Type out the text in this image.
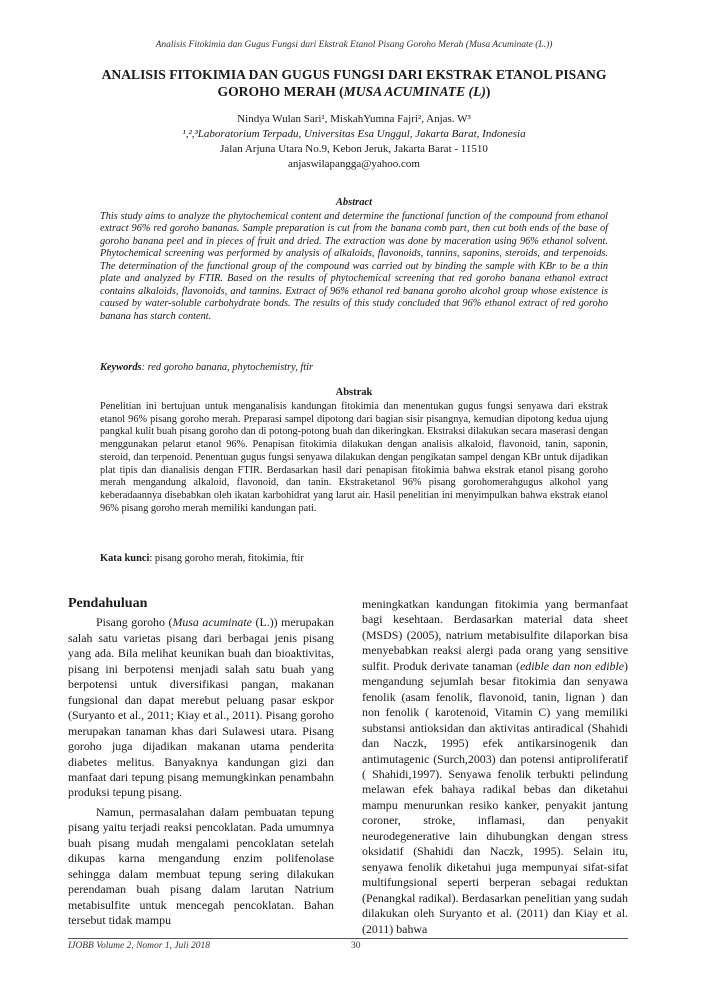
Analisis Fitokimia dan Gugus Fungsi dari Ekstrak Etanol Pisang Goroho Merah (Musa Acuminate (L.))
ANALISIS FITOKIMIA DAN GUGUS FUNGSI DARI EKSTRAK ETANOL PISANG
GOROHO MERAH (MUSA ACUMINATE (L))
Nindya Wulan Sari¹, MiskahYumna Fajri², Anjas. W³
¹,²,³Laboratorium Terpadu, Universitas Esa Unggul, Jakarta Barat, Indonesia
Jalan Arjuna Utara No.9, Kebon Jeruk, Jakarta Barat - 11510
anjaswilapangga@yahoo.com
Abstract
This study aims to analyze the phytochemical content and determine the functional function of the compound from ethanol extract 96% red goroho bananas. Sample preparation is cut from the banana comb part, then cut both ends of the base of goroho banana peel and in pieces of fruit and dried. The extraction was done by maceration using 96% ethanol solvent. Phytochemical screening was performed by analysis of alkaloids, flavonoids, tannins, saponins, steroids, and terpenoids. The determination of the functional group of the compound was carried out by binding the sample with KBr to be a thin plate and analyzed by FTIR. Based on the results of phytochemical screening that red goroho banana ethanol extract contains alkaloids, flavonoids, and tannins. Extract of 96% ethanol red banana goroho alcohol group whose existence is caused by water-soluble carbohydrate bonds. The results of this study concluded that 96% ethanol extract of red goroho banana has starch content.
Keywords: red goroho banana, phytochemistry, ftir
Abstrak
Penelitian ini bertujuan untuk menganalisis kandungan fitokimia dan menentukan gugus fungsi senyawa dari ekstrak etanol 96% pisang goroho merah. Preparasi sampel dipotong dari bagian sisir pisangnya, kemudian dipotong kedua ujung pangkal kulit buah pisang goroho dan di potong-potong buah dan dikeringkan. Ekstraksi dilakukan secara maserasi dengan menggunakan pelarut etanol 96%. Penapisan fitokimia dilakukan dengan analisis alkaloid, flavonoid, tanin, saponin, steroid, dan terpenoid. Penentuan gugus fungsi senyawa dilakukan dengan pengikatan sampel dengan KBr untuk dijadikan plat tipis dan dianalisis dengan FTIR. Berdasarkan hasil dari penapisan fitokimia bahwa ekstrak etanol pisang goroho merah mengandung alkaloid, flavonoid, dan tanin. Ekstraketanol 96% pisang gorohomerahgugus alkohol yang keberadaannya disebabkan oleh ikatan karbohidrat yang larut air. Hasil penelitian ini menyimpulkan bahwa ekstrak etanol 96% pisang goroho merah memiliki kandungan pati.
Kata kunci: pisang goroho merah, fitokimia, ftir
Pendahuluan

Pisang goroho (Musa acuminate (L.)) merupakan salah satu varietas pisang dari berbagai jenis pisang yang ada. Bila melihat keunikan buah dan bioaktivitas, pisang ini berpotensi menjadi salah satu buah yang berpotensi untuk diversifikasi pangan, makanan fungsional dan dapat merebut peluang pasar eskpor (Suryanto et al., 2011; Kiay et al., 2011). Pisang goroho merupakan tanaman khas dari Sulawesi utara. Pisang goroho juga dijadikan makanan utama penderita diabetes melitus. Banyaknya kandungan gizi dan manfaat dari tepung pisang memungkinkan penambahn produksi tepung pisang.

Namun, permasalahan dalam pembuatan tepung pisang yaitu terjadi reaksi pencoklatan. Pada umumnya buah pisang mudah mengalami pencoklatan setelah dikupas karna mengandung enzim polifenolase sehingga dalam membuat tepung sering dilakukan perendaman buah pisang dalam larutan Natrium metabisulfite untuk mencegah pencoklatan. Bahan tersebut tidak mampu

meningkatkan kandungan fitokimia yang bermanfaat bagi kesehtaan. Berdasarkan material data sheet (MSDS) (2005), natrium metabisulfite dilaporkan bisa menyebabkan reaksi alergi pada orang yang sensitive sulfit. Produk derivate tanaman (edible dan non edible) mengandung sejumlah besar fitokimia dan senyawa fenolik (asam fenolik, flavonoid, tanin, lignan ) dan non fenolik ( karotenoid, Vitamin C) yang memiliki substansi antioksidan dan aktivitas antiradical (Shahidi dan Naczk, 1995) efek antikarsinogenik dan antimutagenic (Surch,2003) dan potensi antiproliferatif ( Shahidi,1997). Senyawa fenolik terbukti pelindung melawan efek bahaya radikal bebas dan diketahui mampu menurunkan resiko kanker, penyakit jantung coroner, stroke, inflamasi, dan penyakit neurodegenerative lain dihubungkan dengan stress oksidatif (Shahidi dan Naczk, 1995). Selain itu, senyawa fenolik diketahui juga mempunyai sifat-sifat multifungsional seperti berperan sebagai reduktan (Penangkal radikal). Berdasarkan penelitian yang sudah dilakukan oleh Suryanto et al. (2011) dan Kiay et al. (2011) bahwa

IJOBB Volume 2, Nomor 1, Juli 2018	30
